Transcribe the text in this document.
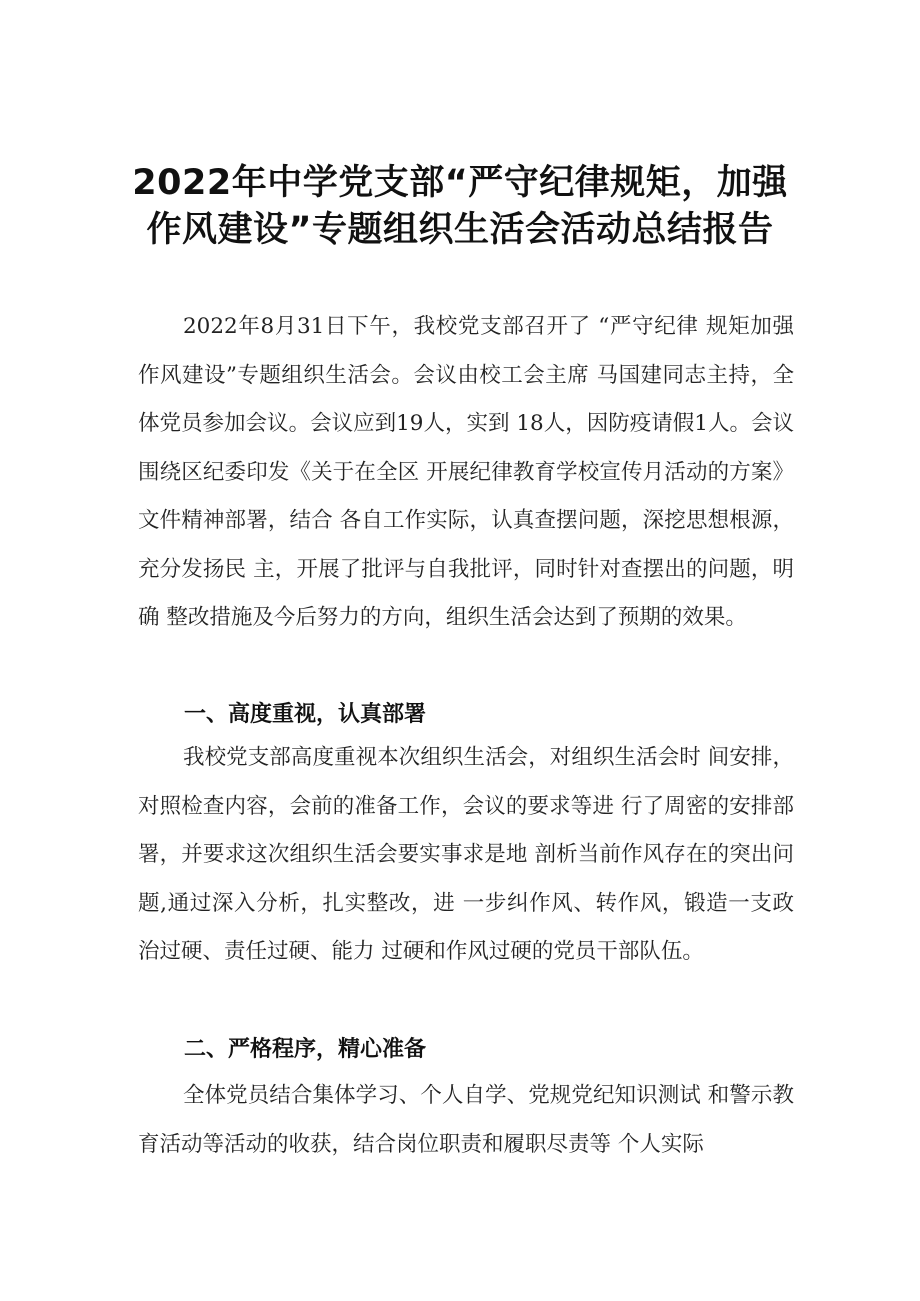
2022年中学党支部“严守纪律规矩，加强
作风建设”专题组织生活会活动总结报告

2022年8月31日下午，我校党支部召开了 “严守纪律 规矩加强作风建设”专题组织生活会。会议由校工会主席 马国建同志主持，全体党员参加会议。会议应到19人，实到 18人，因防疫请假1人。会议围绕区纪委印发《关于在全区 开展纪律教育学校宣传月活动的方案》文件精神部署，结合 各自工作实际，认真查摆问题，深挖思想根源，充分发扬民 主，开展了批评与自我批评，同时针对查摆出的问题，明确 整改措施及今后努力的方向，组织生活会达到了预期的效果。

一、高度重视，认真部署

我校党支部高度重视本次组织生活会，对组织生活会时 间安排，对照检查内容，会前的准备工作，会议的要求等进 行了周密的安排部署，并要求这次组织生活会要实事求是地 剖析当前作风存在的突出问题,通过深入分析，扎实整改，进 一步纠作风、转作风，锻造一支政治过硬、责任过硬、能力 过硬和作风过硬的党员干部队伍。

二、严格程序，精心准备

全体党员结合集体学习、个人自学、党规党纪知识测试 和警示教育活动等活动的收获，结合岗位职责和履职尽责等 个人实际
